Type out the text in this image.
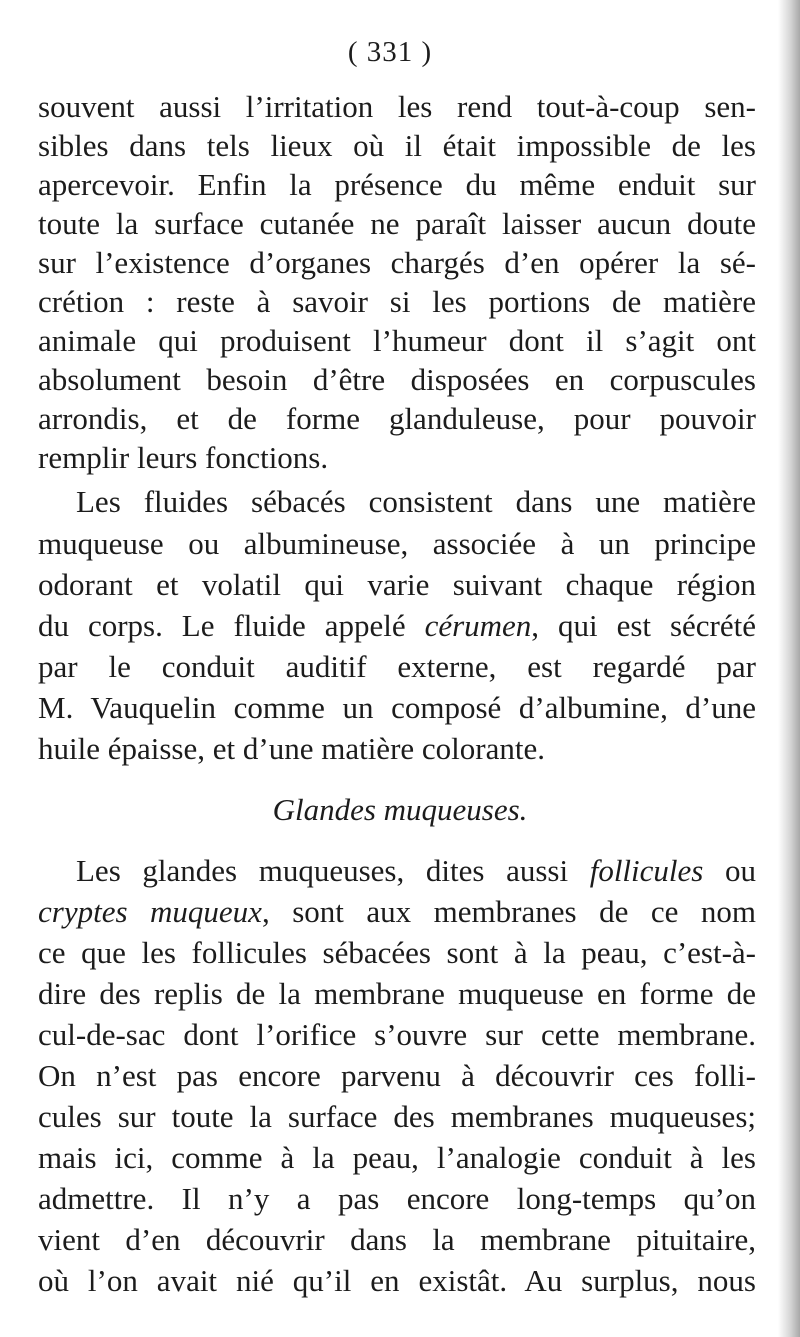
( 331 )
souvent aussi l’irritation les rend tout-à-coup sen-
sibles dans tels lieux où il était impossible de les
apercevoir. Enfin la présence du même enduit sur
toute la surface cutanée ne paraît laisser aucun doute
sur l’existence d’organes chargés d’en opérer la sé-
crétion : reste à savoir si les portions de matière
animale qui produisent l’humeur dont il s’agit ont
absolument besoin d’être disposées en corpuscules
arrondis, et de forme glanduleuse, pour pouvoir
remplir leurs fonctions.
Les fluides sébacés consistent dans une matière
muqueuse ou albumineuse, associée à un principe
odorant et volatil qui varie suivant chaque région
du corps. Le fluide appelé cérumen, qui est sécrété
par le conduit auditif externe, est regardé par
M. Vauquelin comme un composé d’albumine, d’une
huile épaisse, et d’une matière colorante.
Glandes muqueuses.
Les glandes muqueuses, dites aussi follicules ou
cryptes muqueux, sont aux membranes de ce nom
ce que les follicules sébacées sont à la peau, c’est-à-
dire des replis de la membrane muqueuse en forme de
cul-de-sac dont l’orifice s’ouvre sur cette membrane.
On n’est pas encore parvenu à découvrir ces folli-
cules sur toute la surface des membranes muqueuses;
mais ici, comme à la peau, l’analogie conduit à les
admettre. Il n’y a pas encore long-temps qu’on
vient d’en découvrir dans la membrane pituitaire,
où l’on avait nié qu’il en existât. Au surplus, nous
